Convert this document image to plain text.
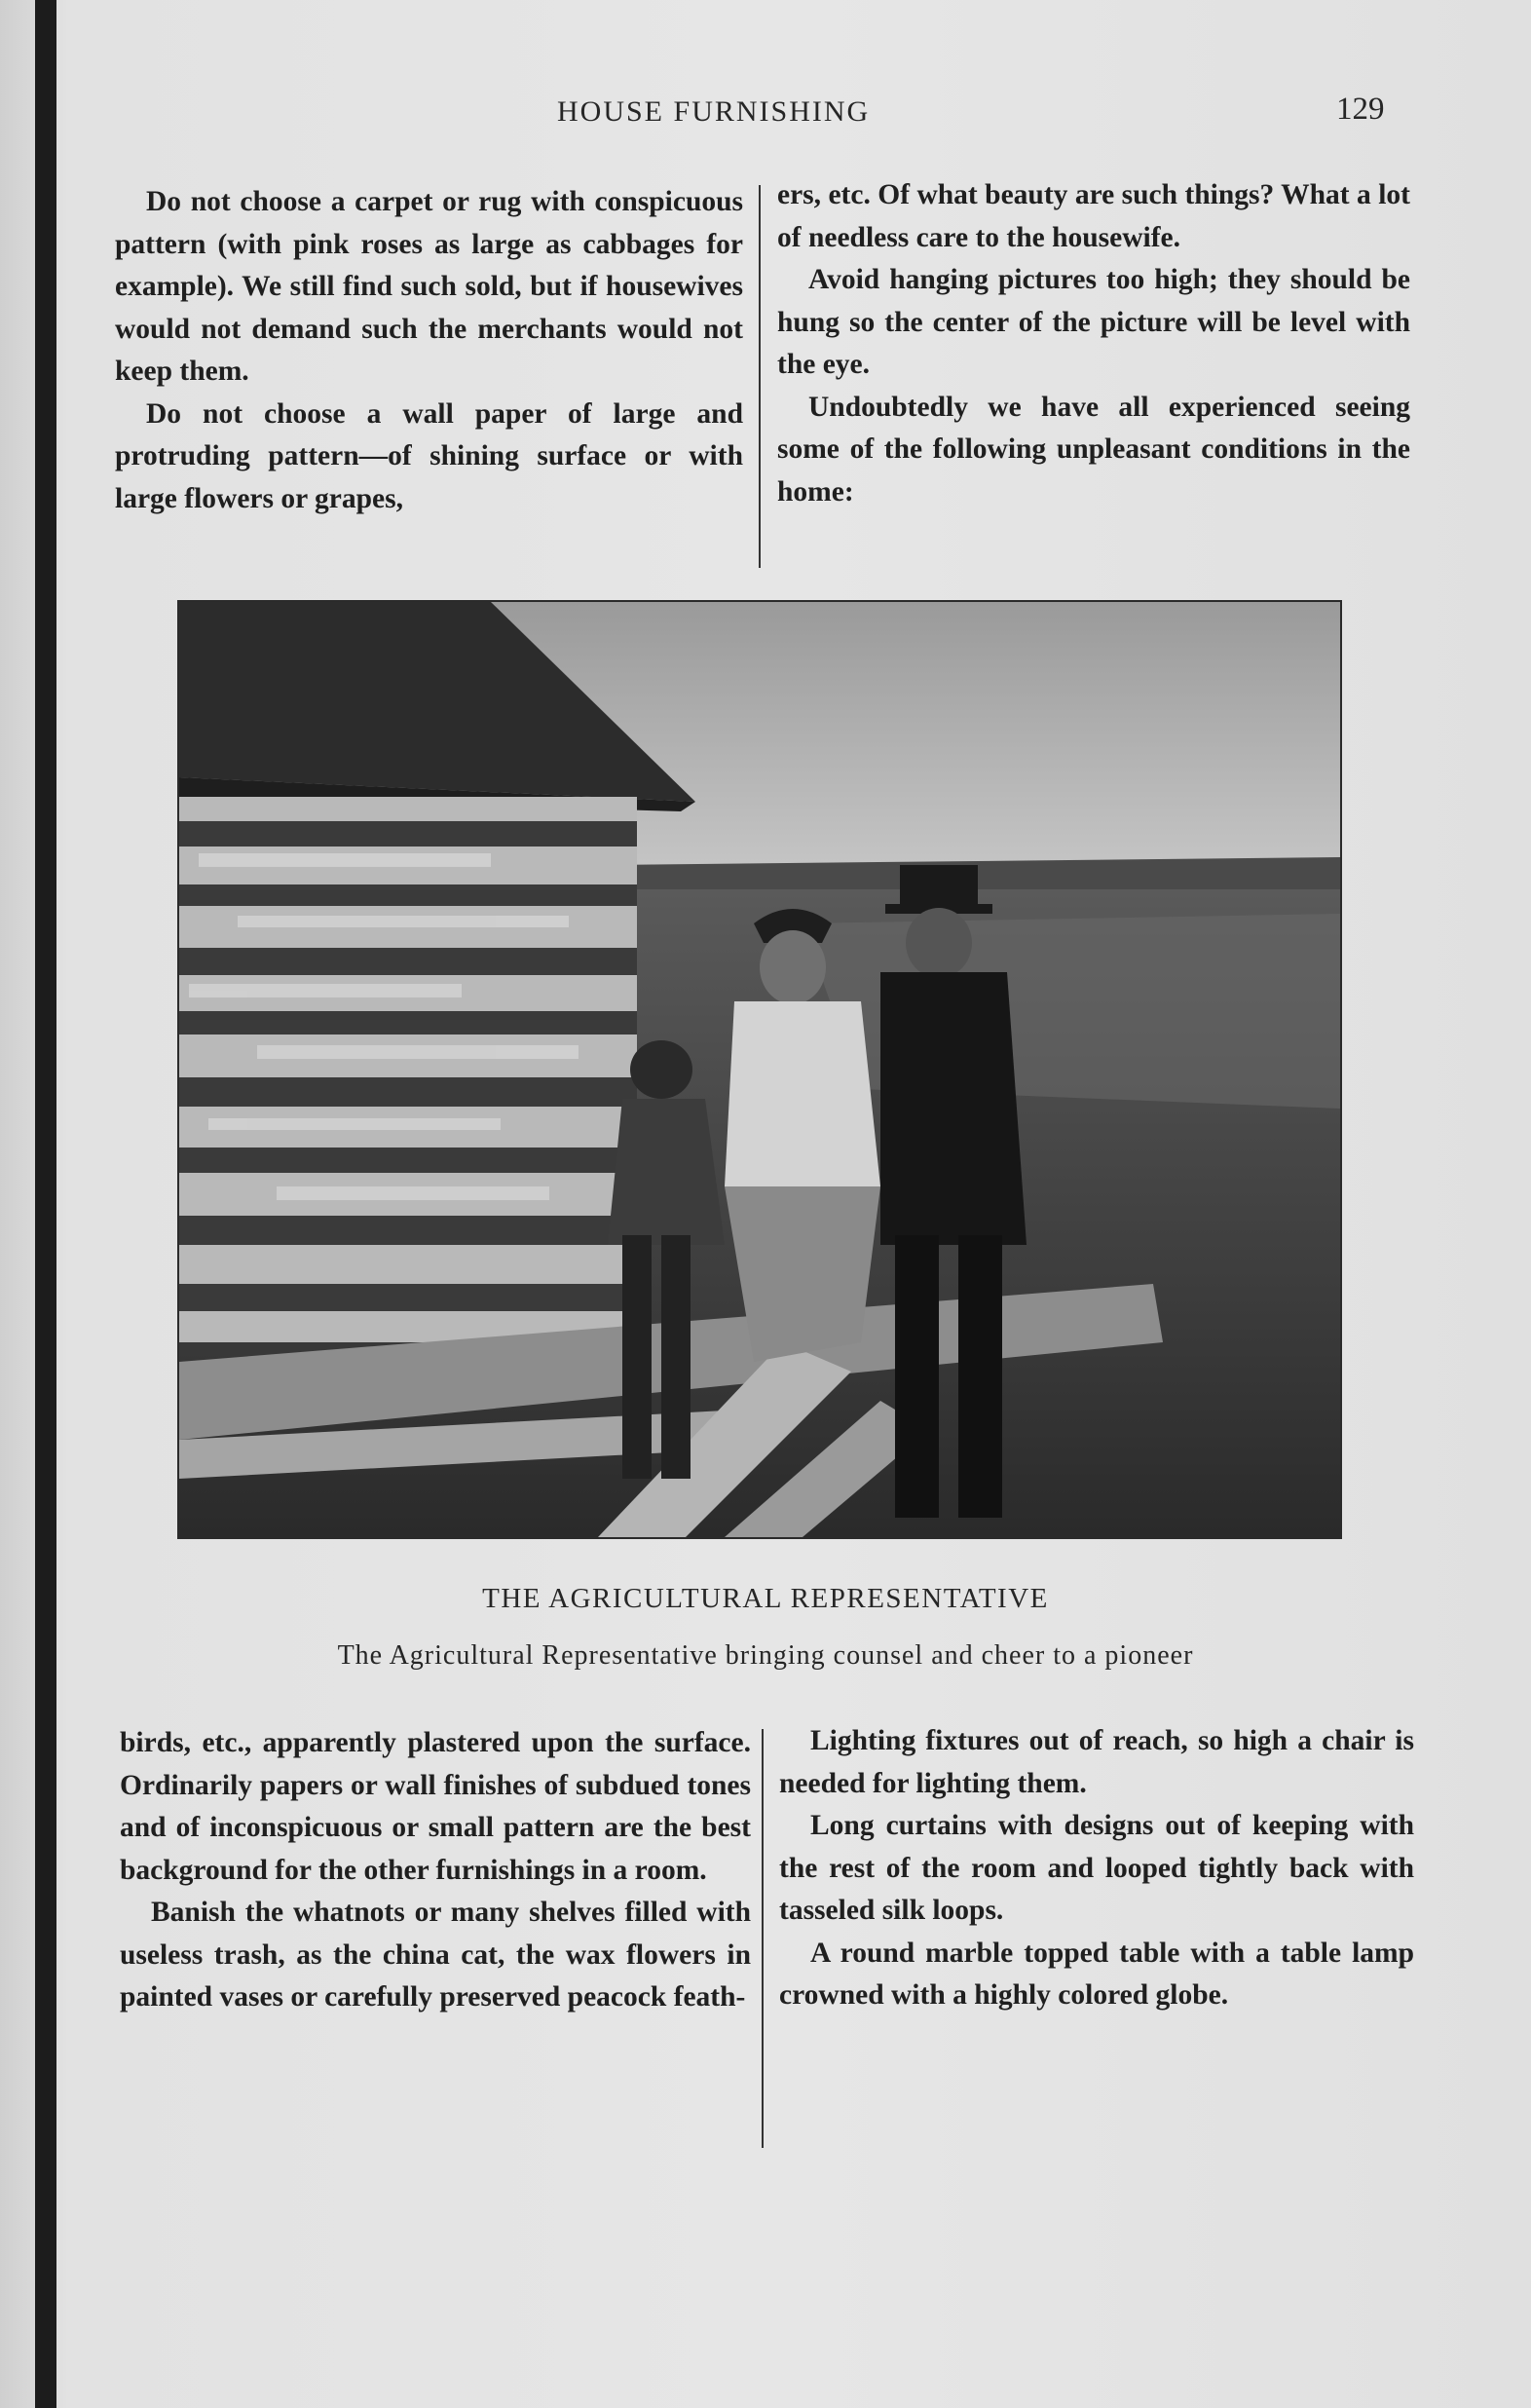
HOUSE FURNISHING	129

Do not choose a carpet or rug with conspicuous pattern (with pink roses as large as cabbages for example). We still find such sold, but if housewives would not demand such the merchants would not keep them.

Do not choose a wall paper of large and protruding pattern—of shining surface or with large flowers or grapes,

ers, etc. Of what beauty are such things? What a lot of needless care to the housewife.

Avoid hanging pictures too high; they should be hung so the center of the picture will be level with the eye.

Undoubtedly we have all experienced seeing some of the following unpleasant conditions in the home:

THE AGRICULTURAL REPRESENTATIVE
The Agricultural Representative bringing counsel and cheer to a pioneer

birds, etc., apparently plastered upon the surface. Ordinarily papers or wall finishes of subdued tones and of inconspicuous or small pattern are the best background for the other furnishings in a room.

Banish the whatnots or many shelves filled with useless trash, as the china cat, the wax flowers in painted vases or carefully preserved peacock feath-

Lighting fixtures out of reach, so high a chair is needed for lighting them.

Long curtains with designs out of keeping with the rest of the room and looped tightly back with tasseled silk loops.

A round marble topped table with a table lamp crowned with a highly colored globe.
